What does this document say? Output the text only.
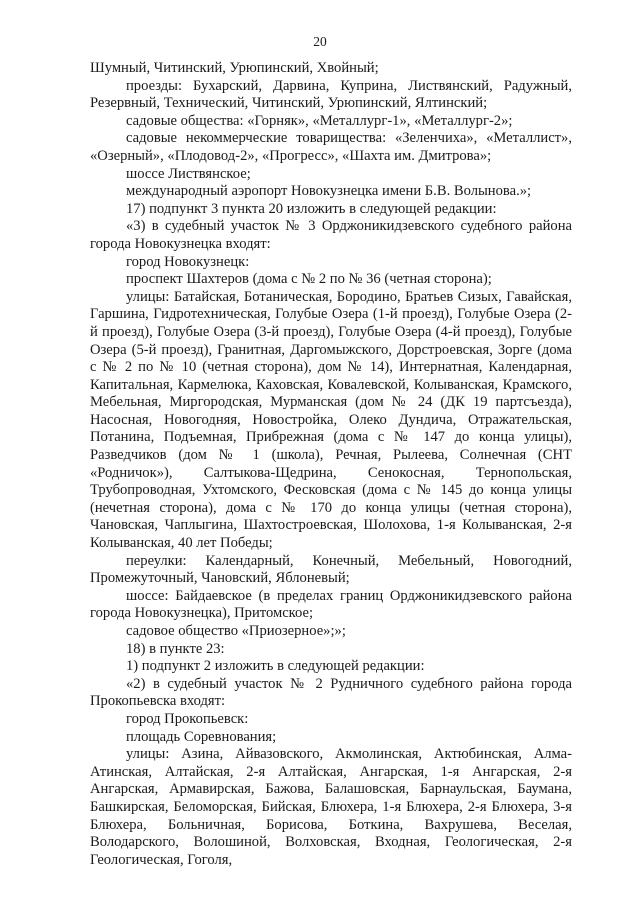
20

Шумный, Читинский, Урюпинский, Хвойный;

проезды: Бухарский, Дарвина, Куприна, Листвянский, Радужный, Резервный, Технический, Читинский, Урюпинский, Ялтинский;

садовые общества: «Горняк», «Металлург-1», «Металлург-2»;

садовые некоммерческие товарищества: «Зеленчиха», «Металлист», «Озерный», «Плодовод-2», «Прогресс», «Шахта им. Дмитрова»;

шоссе Листвянское;

международный аэропорт Новокузнецка имени Б.В. Волынова.»;

17) подпункт 3 пункта 20 изложить в следующей редакции:

«3) в судебный участок № 3 Орджоникидзевского судебного района города Новокузнецка входят:

город Новокузнецк:

проспект Шахтеров (дома с № 2 по № 36 (четная сторона);

улицы: Батайская, Ботаническая, Бородино, Братьев Сизых, Гавайская, Гаршина, Гидротехническая, Голубые Озера (1-й проезд), Голубые Озера (2-й проезд), Голубые Озера (3-й проезд), Голубые Озера (4-й проезд), Голубые Озера (5-й проезд), Гранитная, Даргомыжского, Дорстроевская, Зорге (дома с № 2 по № 10 (четная сторона), дом № 14), Интернатная, Календарная, Капитальная, Кармелюка, Каховская, Ковалевской, Колыванская, Крамского, Мебельная, Миргородская, Мурманская (дом № 24 (ДК 19 партсъезда), Насосная, Новогодняя, Новостройка, Олеко Дундича, Отражательская, Потанина, Подъемная, Прибрежная (дома с № 147 до конца улицы), Разведчиков (дом № 1 (школа), Речная, Рылеева, Солнечная (СНТ «Родничок»), Салтыкова-Щедрина, Сенокосная, Тернопольская, Трубопроводная, Ухтомского, Фесковская (дома с № 145 до конца улицы (нечетная сторона), дома с № 170 до конца улицы (четная сторона), Чановская, Чаплыгина, Шахтостроевская, Шолохова, 1-я Колыванская, 2-я Колыванская, 40 лет Победы;

переулки: Календарный, Конечный, Мебельный, Новогодний, Промежуточный, Чановский, Яблоневый;

шоссе: Байдаевское (в пределах границ Орджоникидзевского района города Новокузнецка), Притомское;

садовое общество «Приозерное»;»;

18) в пункте 23:

1) подпункт 2 изложить в следующей редакции:

«2) в судебный участок № 2 Рудничного судебного района города Прокопьевска входят:

город Прокопьевск:

площадь Соревнования;

улицы: Азина, Айвазовского, Акмолинская, Актюбинская, Алма-Атинская, Алтайская, 2-я Алтайская, Ангарская, 1-я Ангарская, 2-я Ангарская, Армавирская, Бажова, Балашовская, Барнаульская, Баумана, Башкирская, Беломорская, Бийская, Блюхера, 1-я Блюхера, 2-я Блюхера, 3-я Блюхера, Больничная, Борисова, Боткина, Вахрушева, Веселая, Володарского, Волошиной, Волховская, Входная, Геологическая, 2-я Геологическая, Гоголя,
